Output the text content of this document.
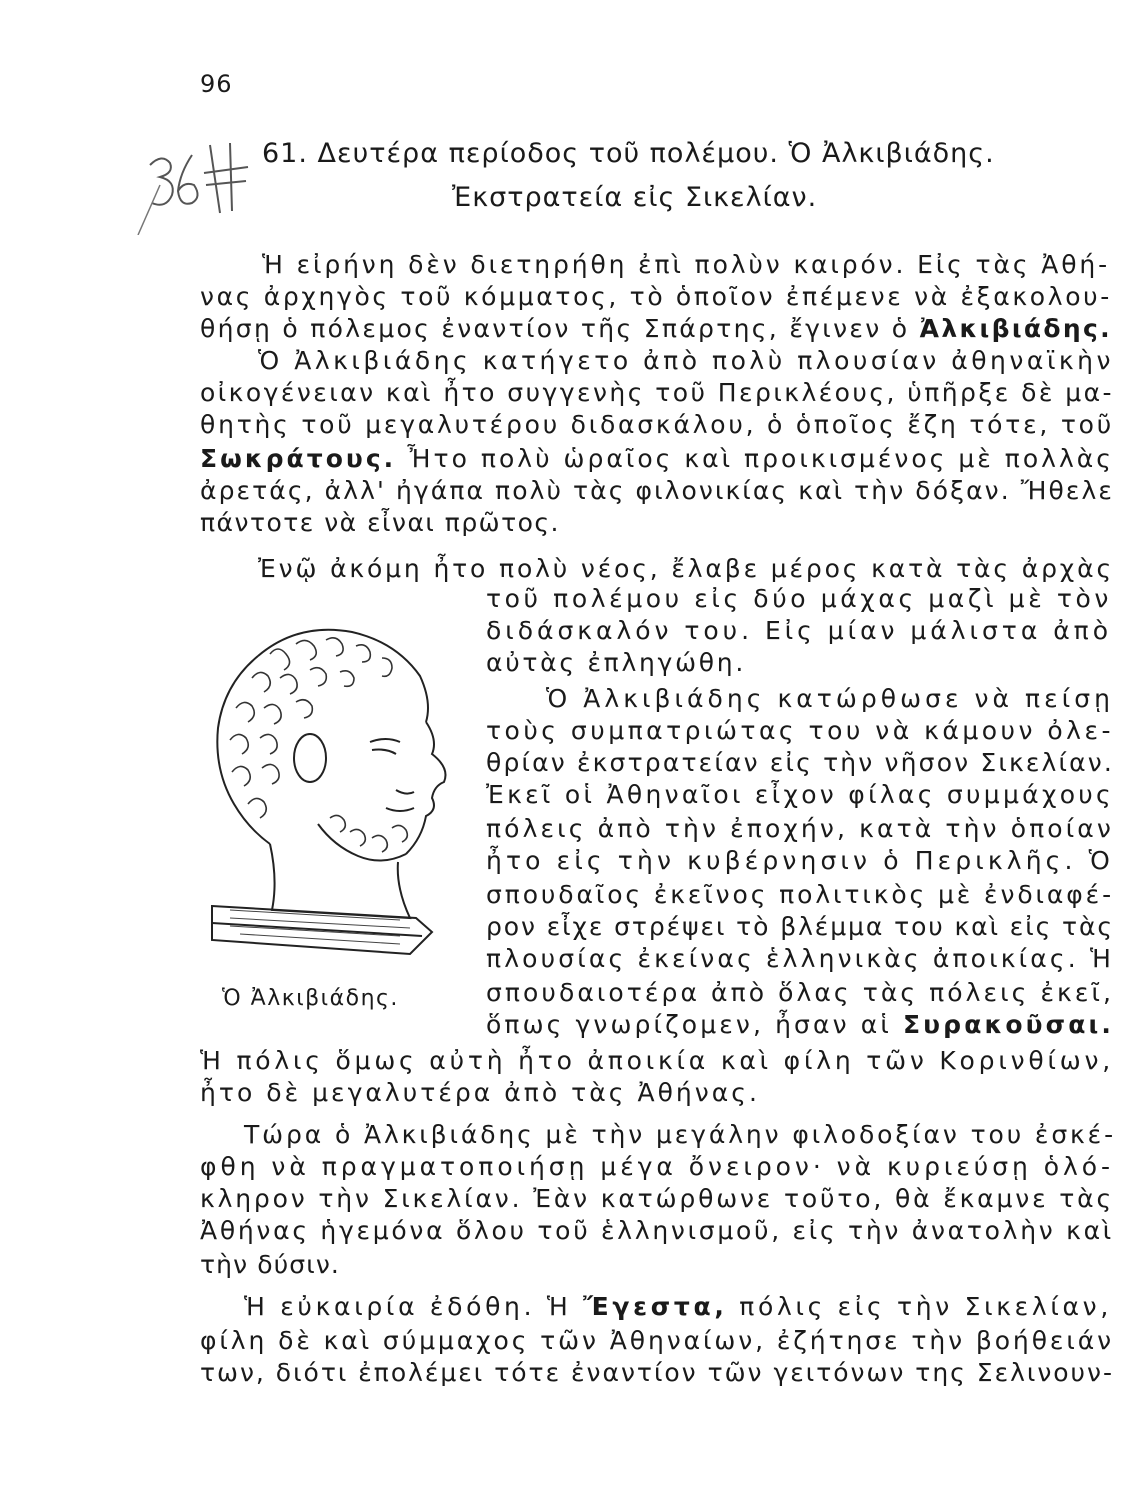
96
61. Δευτέρα περίοδος τοῦ πολέμου. Ὁ Ἀλκιβιάδης.
Ἐκστρατεία εἰς Σικελίαν.
Ἡ εἰρήνη δὲν διετηρήθη ἐπὶ πολὺν καιρόν. Εἰς τὰς Ἀθή-
νας ἀρχηγὸς τοῦ κόμματος, τὸ ὁποῖον ἐπέμενε νὰ ἐξακολου-
θήσῃ ὁ πόλεμος ἐναντίον τῆς Σπάρτης, ἔγινεν ὁ Ἀλκιβιάδης.
Ὁ Ἀλκιβιάδης κατήγετο ἀπὸ πολὺ πλουσίαν ἀθηναϊκὴν
οἰκογένειαν καὶ ἦτο συγγενὴς τοῦ Περικλέους, ὑπῆρξε δὲ μα-
θητὴς τοῦ μεγαλυτέρου διδασκάλου, ὁ ὁποῖος ἔζη τότε, τοῦ
Σωκράτους. Ἦτο πολὺ ὡραῖος καὶ προικισμένος μὲ πολλὰς
ἀρετάς, ἀλλ' ἠγάπα πολὺ τὰς φιλονικίας καὶ τὴν δόξαν. Ἤθελε
πάντοτε νὰ εἶναι πρῶτος.
Ἐνῷ ἀκόμη ἦτο πολὺ νέος, ἔλαβε μέρος κατὰ τὰς ἀρχὰς
τοῦ πολέμου εἰς δύο μάχας μαζὶ μὲ τὸν
διδάσκαλόν του. Εἰς μίαν μάλιστα ἀπὸ
αὐτὰς ἐπληγώθη.
Ὁ Ἀλκιβιάδης κατώρθωσε νὰ πείσῃ
τοὺς συμπατριώτας του νὰ κάμουν ὀλε-
θρίαν ἐκστρατείαν εἰς τὴν νῆσον Σικελίαν.
Ἐκεῖ οἱ Ἀθηναῖοι εἶχον φίλας συμμάχους
πόλεις ἀπὸ τὴν ἐποχήν, κατὰ τὴν ὁποίαν
ἦτο εἰς τὴν κυβέρνησιν ὁ Περικλῆς. Ὁ
σπουδαῖος ἐκεῖνος πολιτικὸς μὲ ἐνδιαφέ-
ρον εἶχε στρέψει τὸ βλέμμα του καὶ εἰς τὰς
πλουσίας ἐκείνας ἑλληνικὰς ἀποικίας. Ἡ
σπουδαιοτέρα ἀπὸ ὅλας τὰς πόλεις ἐκεῖ,
ὅπως γνωρίζομεν, ἦσαν αἱ Συρακοῦσαι.
Ἡ πόλις ὅμως αὐτὴ ἦτο ἀποικία καὶ φίλη τῶν Κορινθίων,
ἦτο δὲ μεγαλυτέρα ἀπὸ τὰς Ἀθήνας.
Τώρα ὁ Ἀλκιβιάδης μὲ τὴν μεγάλην φιλοδοξίαν του ἐσκέ-
φθη νὰ πραγματοποιήσῃ μέγα ὄνειρον· νὰ κυριεύσῃ ὁλό-
κληρον τὴν Σικελίαν. Ἐὰν κατώρθωνε τοῦτο, θὰ ἔκαμνε τὰς
Ἀθήνας ἡγεμόνα ὅλου τοῦ ἑλληνισμοῦ, εἰς τὴν ἀνατολὴν καὶ
τὴν δύσιν.
Ἡ εὐκαιρία ἐδόθη. Ἡ Ἔγεστα, πόλις εἰς τὴν Σικελίαν,
φίλη δὲ καὶ σύμμαχος τῶν Ἀθηναίων, ἐζήτησε τὴν βοήθειάν
των, διότι ἐπολέμει τότε ἐναντίον τῶν γειτόνων της Σελινουν-
Ὁ Ἀλκιβιάδης.
